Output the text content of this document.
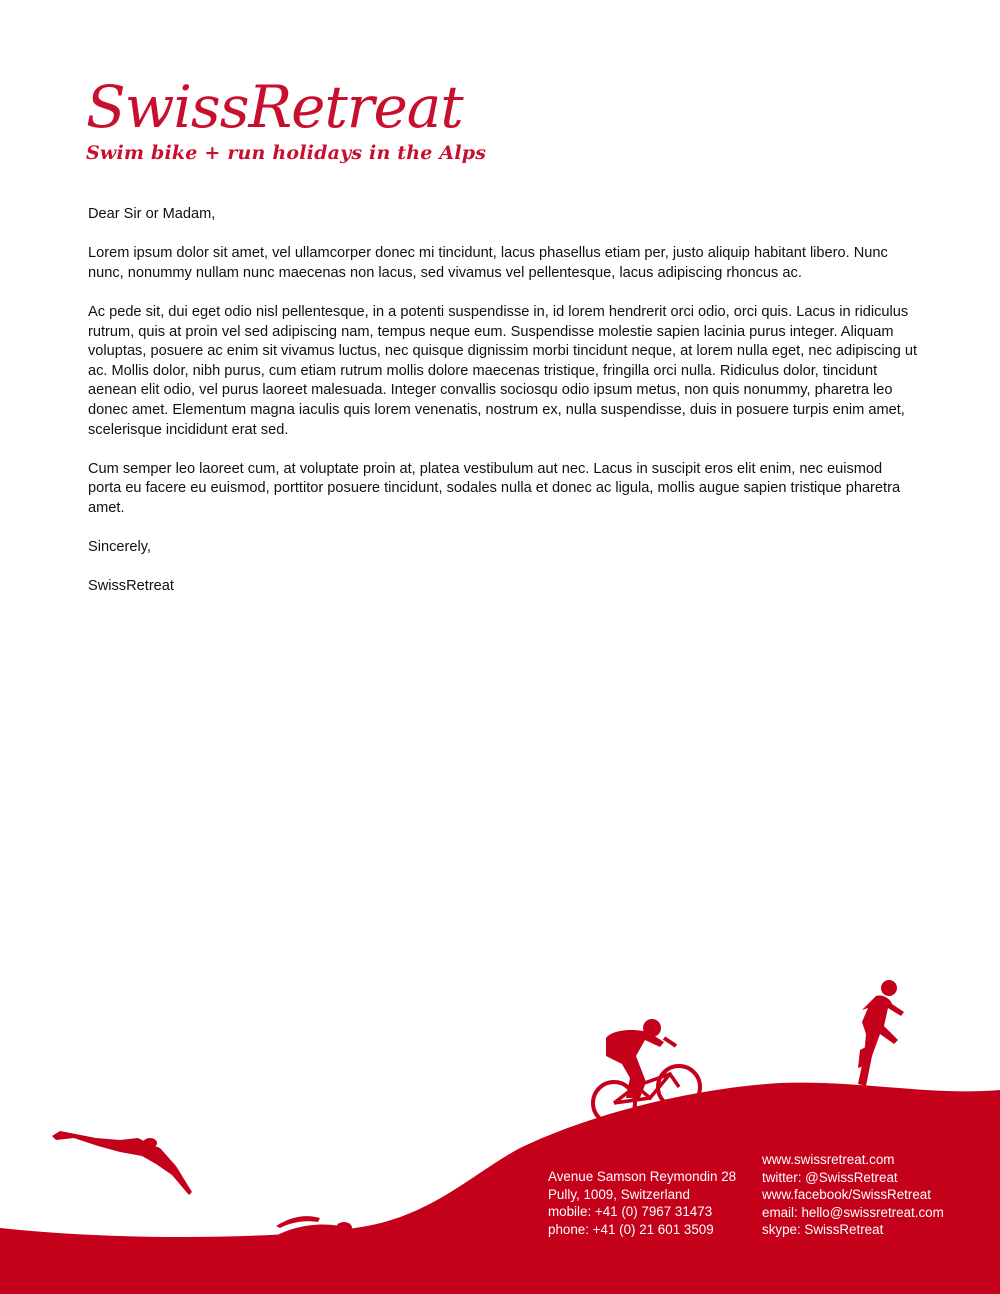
SwissRetreat
Swim bike + run holidays in the Alps

Dear Sir or Madam,

Lorem ipsum dolor sit amet, vel ullamcorper donec mi tincidunt, lacus phasellus etiam per, justo aliquip habitant libero. Nunc nunc, nonummy nullam nunc maecenas non lacus, sed vivamus vel pellentesque, lacus adipiscing rhoncus ac.

Ac pede sit, dui eget odio nisl pellentesque, in a potenti suspendisse in, id lorem hendrerit orci odio, orci quis. Lacus in ridiculus rutrum, quis at proin vel sed adipiscing nam, tempus neque eum. Suspendisse molestie sapien lacinia purus integer. Aliquam voluptas, posuere ac enim sit vivamus luctus, nec quisque dignissim morbi tincidunt neque, at lorem nulla eget, nec adipiscing ut ac. Mollis dolor, nibh purus, cum etiam rutrum mollis dolore maecenas tristique, fringilla orci nulla. Ridiculus dolor, tincidunt aenean elit odio, vel purus laoreet malesuada. Integer convallis sociosqu odio ipsum metus, non quis nonummy, pharetra leo donec amet. Elementum magna iaculis quis lorem venenatis, nostrum ex, nulla suspendisse, duis in posuere turpis enim amet, scelerisque incididunt erat sed.

Cum semper leo laoreet cum, at voluptate proin at, platea vestibulum aut nec. Lacus in suscipit eros elit enim, nec euismod porta eu facere eu euismod, porttitor posuere tincidunt, sodales nulla et donec ac ligula, mollis augue sapien tristique pharetra amet.

Sincerely,

SwissRetreat

Avenue Samson Reymondin 28
Pully, 1009, Switzerland
mobile: +41 (0) 7967 31473
phone: +41 (0) 21 601 3509
www.swissretreat.com
twitter: @SwissRetreat
www.facebook/SwissRetreat
email: hello@swissretreat.com
skype: SwissRetreat
